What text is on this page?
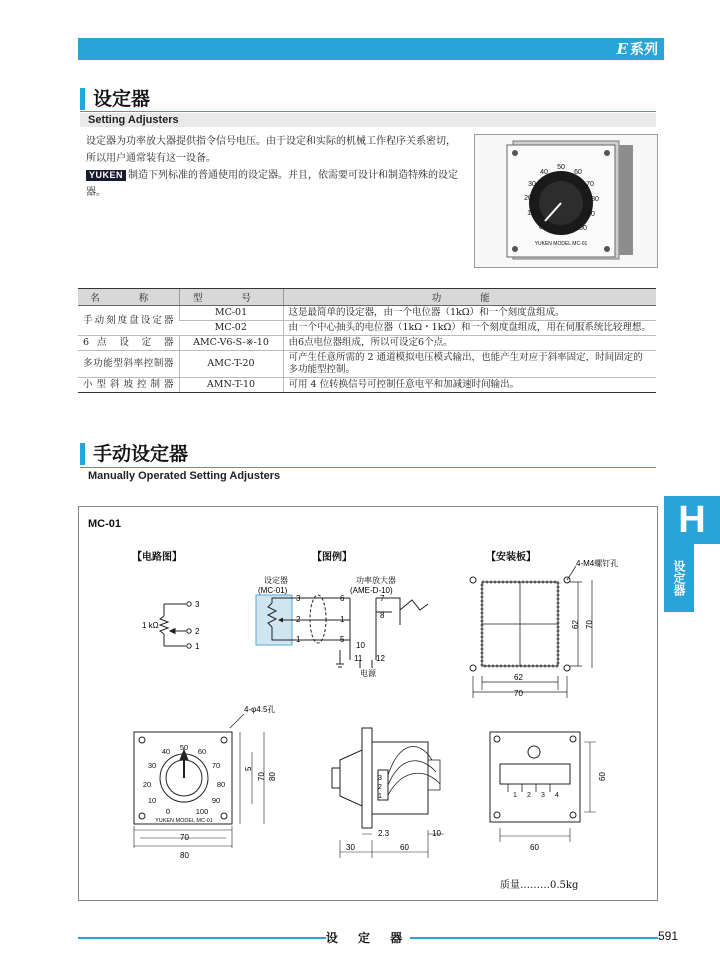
E 系列
设定器
Setting Adjusters
设定器为功率放大器提供指令信号电压。由于设定和实际的机械工作程序关系密切，所以用户通常装有这一设备。
YUKEN 制造下列标准的普通使用的设定器。并且，依需要可设计和制造特殊的设定器。
0
10
20
30
40
50
60
70
80
90
100
YUKEN MODEL MC-01
名 称	型 号	功 能
手动刻度盘设定器	MC-01	这是最简单的设定器，由一个电位器（1kΩ）和一个刻度盘组成。
	MC-02	由一个中心抽头的电位器（1kΩ・1kΩ）和一个刻度盘组成，用在伺服系统比较理想。
6 点 设 定 器	AMC-V6-S-※-10	由6点电位器组成，所以可设定6个点。
多功能型斜率控制器	AMC-T-20	可产生任意所需的 2 通道模拟电压模式输出，也能产生对应于斜率固定，时间固定的多功能型控制。
小型斜坡控制器	AMN-T-10	可用 4 位转换信号可控制任意电平和加减速时间输出。
手动设定器
Manually Operated Setting Adjusters
H
设定器
MC-01
【电路图】	【图例】	【安装板】
1 kΩ
3
2
1
设定器
(MC-01)
功率放大器
(AME-D-10)
3
2
1
6
1
5
7
8
10
11 12
电源
4-M4螺钉孔
62
70
62 70
0
10
20
30
40 50 60
70
80
90
100
YUKEN MODEL MC-01
4-φ4.5孔
70
80
5
70 80	3
2
1
2.3	10
30	60
1 2 3 4
60
60
质量………0.5kg
设 定 器	591
